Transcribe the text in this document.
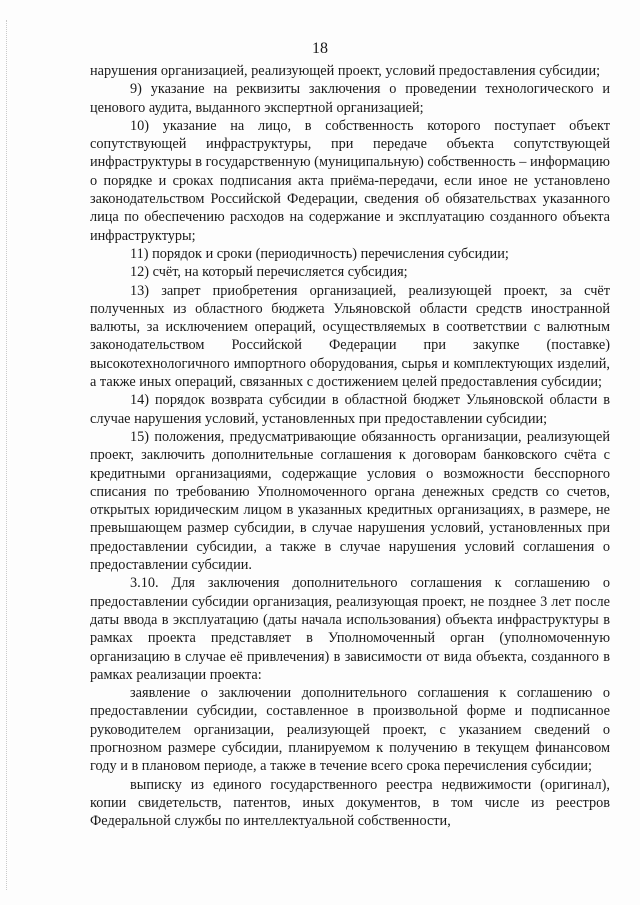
18

нарушения организацией, реализующей проект, условий предоставления субсидии;

9) указание на реквизиты заключения о проведении технологического и ценового аудита, выданного экспертной организацией;

10) указание на лицо, в собственность которого поступает объект сопутствующей инфраструктуры, при передаче объекта сопутствующей инфраструктуры в государственную (муниципальную) собственность – информацию о порядке и сроках подписания акта приёма-передачи, если иное не установлено законодательством Российской Федерации, сведения об обязательствах указанного лица по обеспечению расходов на содержание и эксплуатацию созданного объекта инфраструктуры;

11) порядок и сроки (периодичность) перечисления субсидии;

12) счёт, на который перечисляется субсидия;

13) запрет приобретения организацией, реализующей проект, за счёт полученных из областного бюджета Ульяновской области средств иностранной валюты, за исключением операций, осуществляемых в соответствии с валютным законодательством Российской Федерации при закупке (поставке) высокотехнологичного импортного оборудования, сырья и комплектующих изделий, а также иных операций, связанных с достижением целей предоставления субсидии;

14) порядок возврата субсидии в областной бюджет Ульяновской области в случае нарушения условий, установленных при предоставлении субсидии;

15) положения, предусматривающие обязанность организации, реализующей проект, заключить дополнительные соглашения к договорам банковского счёта с кредитными организациями, содержащие условия о возможности бесспорного списания по требованию Уполномоченного органа денежных средств со счетов, открытых юридическим лицом в указанных кредитных организациях, в размере, не превышающем размер субсидии, в случае нарушения условий, установленных при предоставлении субсидии, а также в случае нарушения условий соглашения о предоставлении субсидии.

3.10. Для заключения дополнительного соглашения к соглашению о предоставлении субсидии организация, реализующая проект, не позднее 3 лет после даты ввода в эксплуатацию (даты начала использования) объекта инфраструктуры в рамках проекта представляет в Уполномоченный орган (уполномоченную организацию в случае её привлечения) в зависимости от вида объекта, созданного в рамках реализации проекта:

заявление о заключении дополнительного соглашения к соглашению о предоставлении субсидии, составленное в произвольной форме и подписанное руководителем организации, реализующей проект, с указанием сведений о прогнозном размере субсидии, планируемом к получению в текущем финансовом году и в плановом периоде, а также в течение всего срока перечисления субсидии;

выписку из единого государственного реестра недвижимости (оригинал), копии свидетельств, патентов, иных документов, в том числе из реестров Федеральной службы по интеллектуальной собственности,
